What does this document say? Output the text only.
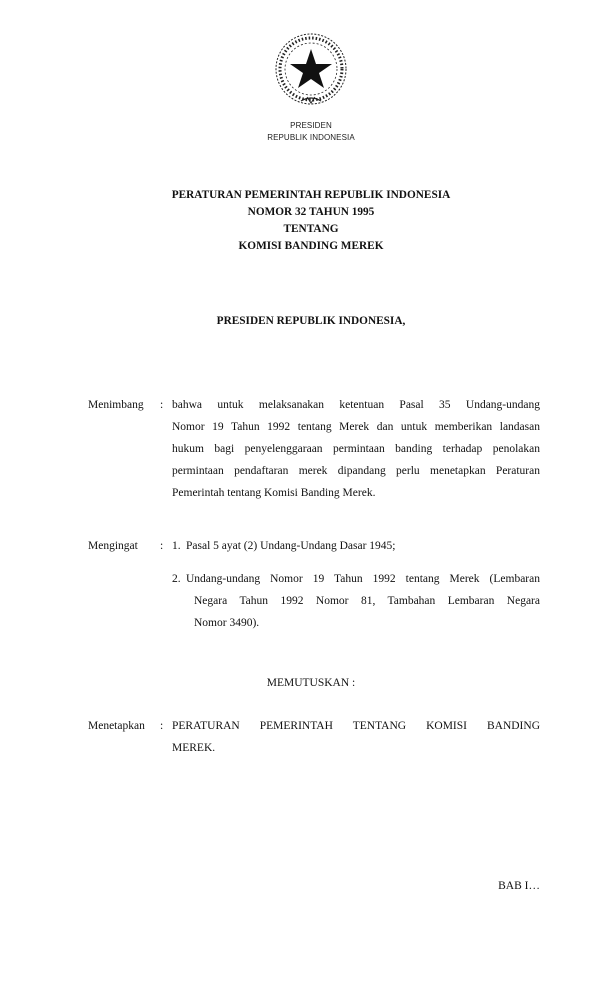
PRESIDEN
REPUBLIK INDONESIA
PERATURAN PEMERINTAH REPUBLIK INDONESIA
NOMOR 32 TAHUN 1995
TENTANG
KOMISI BANDING MEREK
PRESIDEN REPUBLIK INDONESIA,
Menimbang : bahwa untuk melaksanakan ketentuan Pasal 35 Undang-undang
Nomor 19 Tahun 1992 tentang Merek dan untuk memberikan landasan
hukum bagi penyelenggaraan permintaan banding terhadap penolakan
permintaan pendaftaran merek dipandang perlu menetapkan Peraturan
Pemerintah tentang Komisi Banding Merek.
Mengingat : 1. Pasal 5 ayat (2) Undang-Undang Dasar 1945;
2. Undang-undang Nomor 19 Tahun 1992 tentang Merek (Lembaran
Negara Tahun 1992 Nomor 81, Tambahan Lembaran Negara
Nomor 3490).
MEMUTUSKAN :
Menetapkan : PERATURAN PEMERINTAH TENTANG KOMISI BANDING
MEREK.
BAB I…
